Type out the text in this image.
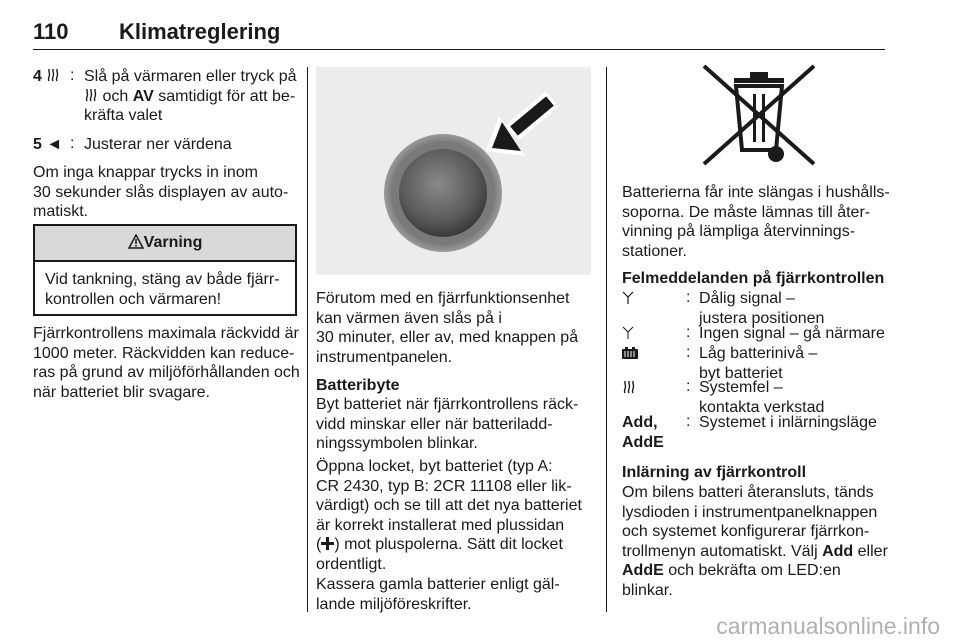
110 Klimatreglering
4	: Slå på värmaren eller tryck på
och AV samtidigt för att be-
kräfta valet
5 ◄ : Justerar ner värdena
Om inga knappar trycks in inom
30 sekunder slås displayen av auto-
matiskt.
Varning
Vid tankning, stäng av både fjärr-
kontrollen och värmaren!
Fjärrkontrollens maximala räckvidd är
1000 meter. Räckvidden kan reduce-
ras på grund av miljöförhållanden och
när batteriet blir svagare.
Förutom med en fjärrfunktionsenhet
kan värmen även slås på i
30 minuter, eller av, med knappen på
instrumentpanelen.
Batteribyte
Byt batteriet när fjärrkontrollens räck-
vidd minskar eller när batteriladd-
ningssymbolen blinkar.
Öppna locket, byt batteriet (typ A:
CR 2430, typ B: 2CR 11108 eller lik-
värdigt) och se till att det nya batteriet
är korrekt installerat med plussidan
( ) mot pluspolerna. Sätt dit locket
ordentligt.
Kassera gamla batterier enligt gäl-
lande miljöföreskrifter.
Batterierna får inte slängas i hushålls-
soporna. De måste lämnas till åter-
vinning på lämpliga återvinnings-
stationer.
Felmeddelanden på fjärrkontrollen
: Dålig signal –
justera positionen
: Ingen signal – gå närmare
: Låg batterinivå –
byt batteriet
: Systemfel –
kontakta verkstad
Add,
AddE
: Systemet i inlärningsläge
Inlärning av fjärrkontroll
Om bilens batteri återansluts, tänds
lysdioden i instrumentpanelknappen
och systemet konfigurerar fjärrkon-
trollmenyn automatiskt. Välj Add eller
AddE och bekräfta om LED:en
blinkar.
carmanualsonline.info
